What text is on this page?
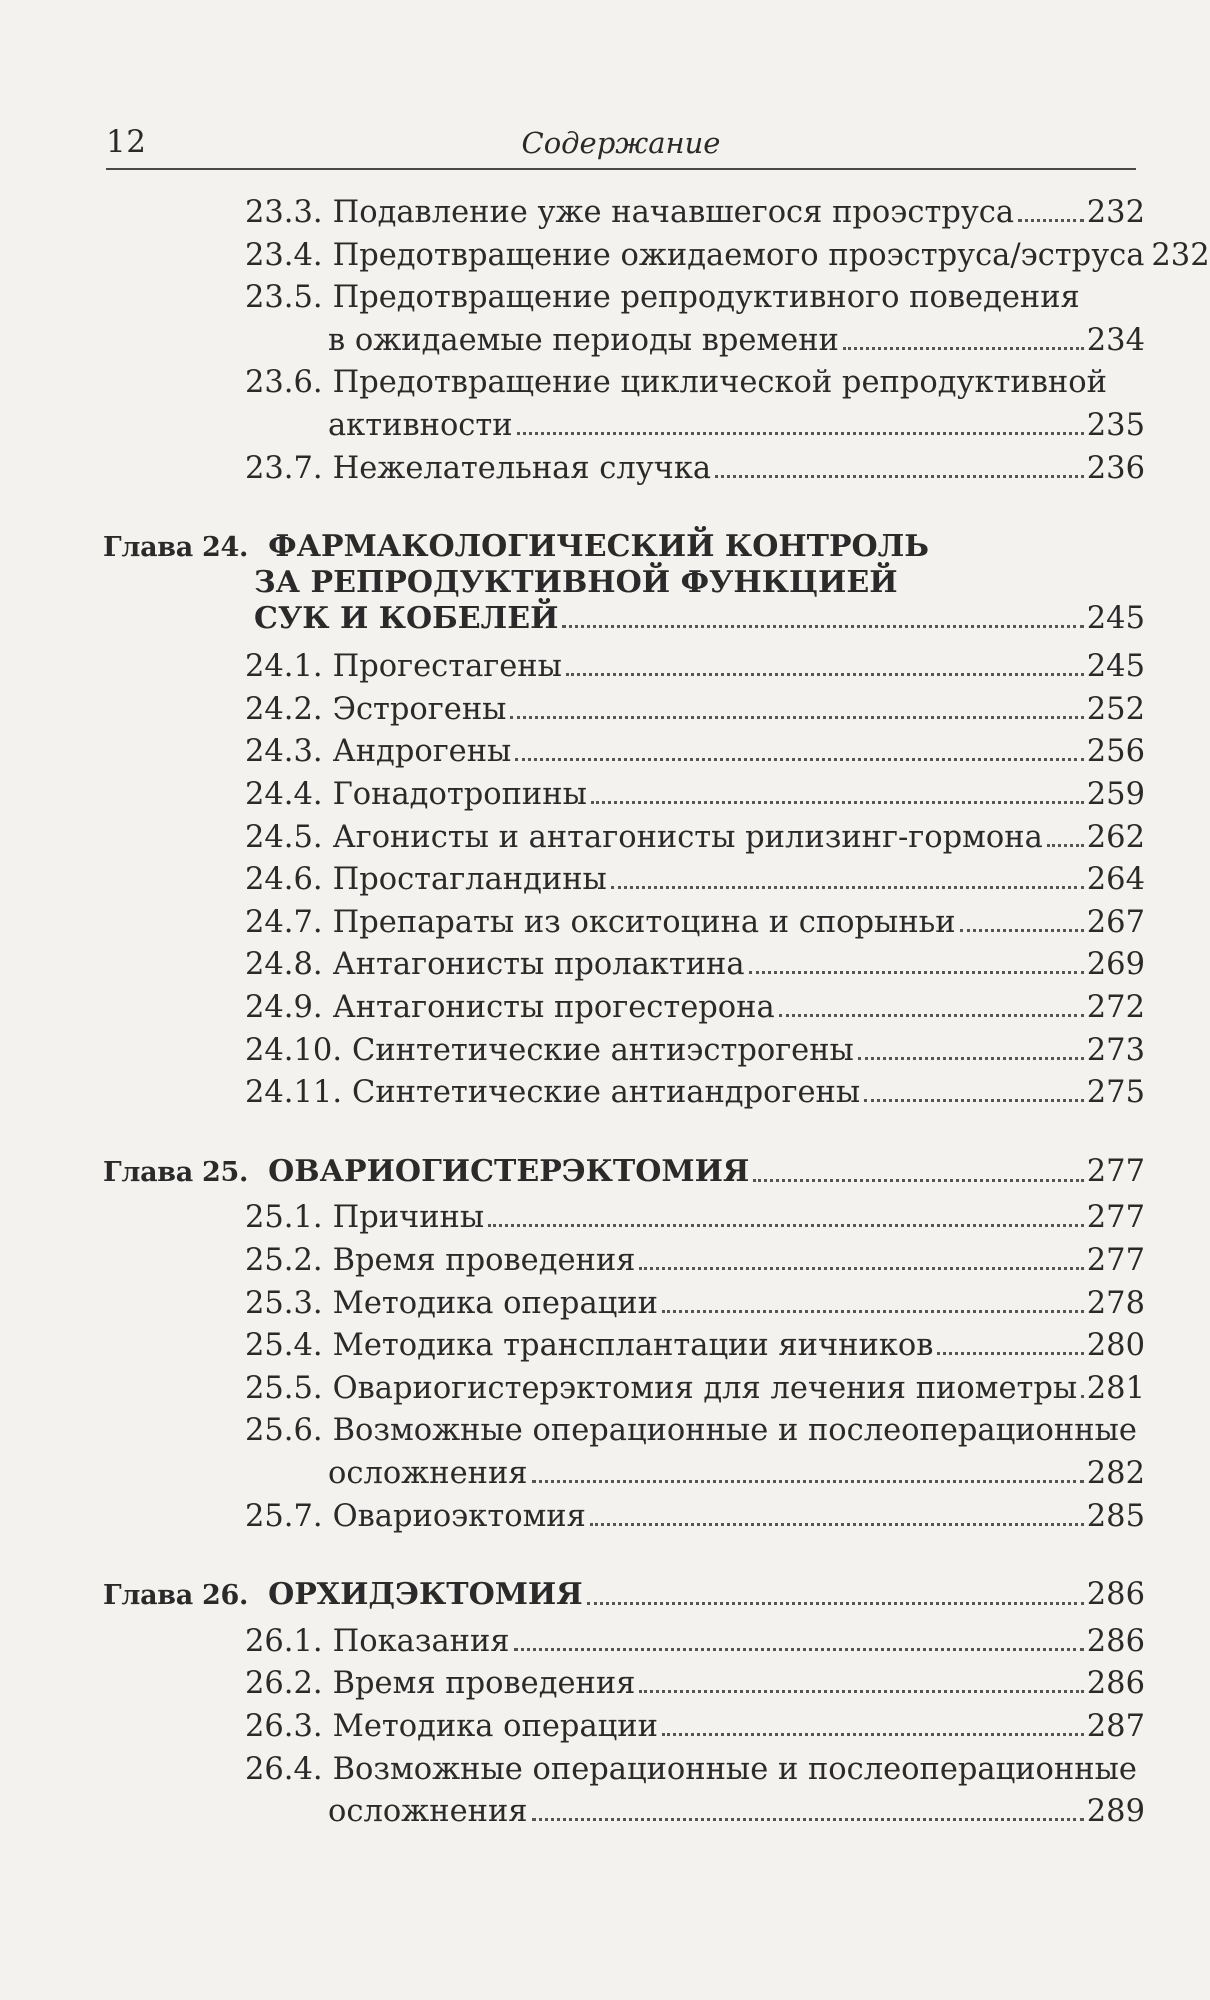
12	Содержание
23.3. Подавление уже начавшегося проэструса 232
23.4. Предотвращение ожидаемого проэструса/эструса 232
23.5. Предотвращение репродуктивного поведения
в ожидаемые периоды времени	234
23.6. Предотвращение циклической репродуктивной
активности	235
23.7. Нежелательная случка	236
Глава 24. ФАРМАКОЛОГИЧЕСКИЙ КОНТРОЛЬ
ЗА РЕПРОДУКТИВНОЙ ФУНКЦИЕЙ
СУК И КОБЕЛЕЙ	245
24.1. Прогестагены	245
24.2. Эстрогены	252
24.3. Андрогены	256
24.4. Гонадотропины	259
24.5. Агонисты и антагонисты рилизинг-гормона 262
24.6. Простагландины	264
24.7. Препараты из окситоцина и спорыньи	267
24.8. Антагонисты пролактина	269
24.9. Антагонисты прогестерона	272
24.10. Синтетические антиэстрогены	273
24.11. Синтетические антиандрогены	275
Глава 25. ОВАРИОГИСТЕРЭКТОМИЯ	277
25.1. Причины	277
25.2. Время проведения	277
25.3. Методика операции	278
25.4. Методика трансплантации яичников	280
25.5. Овариогистерэктомия для лечения пиометры 281
25.6. Возможные операционные и послеоперационные
осложнения	282
25.7. Овариоэктомия	285
Глава 26. ОРХИДЭКТОМИЯ	286
26.1. Показания	286
26.2. Время проведения	286
26.3. Методика операции	287
26.4. Возможные операционные и послеоперационные
осложнения	289
